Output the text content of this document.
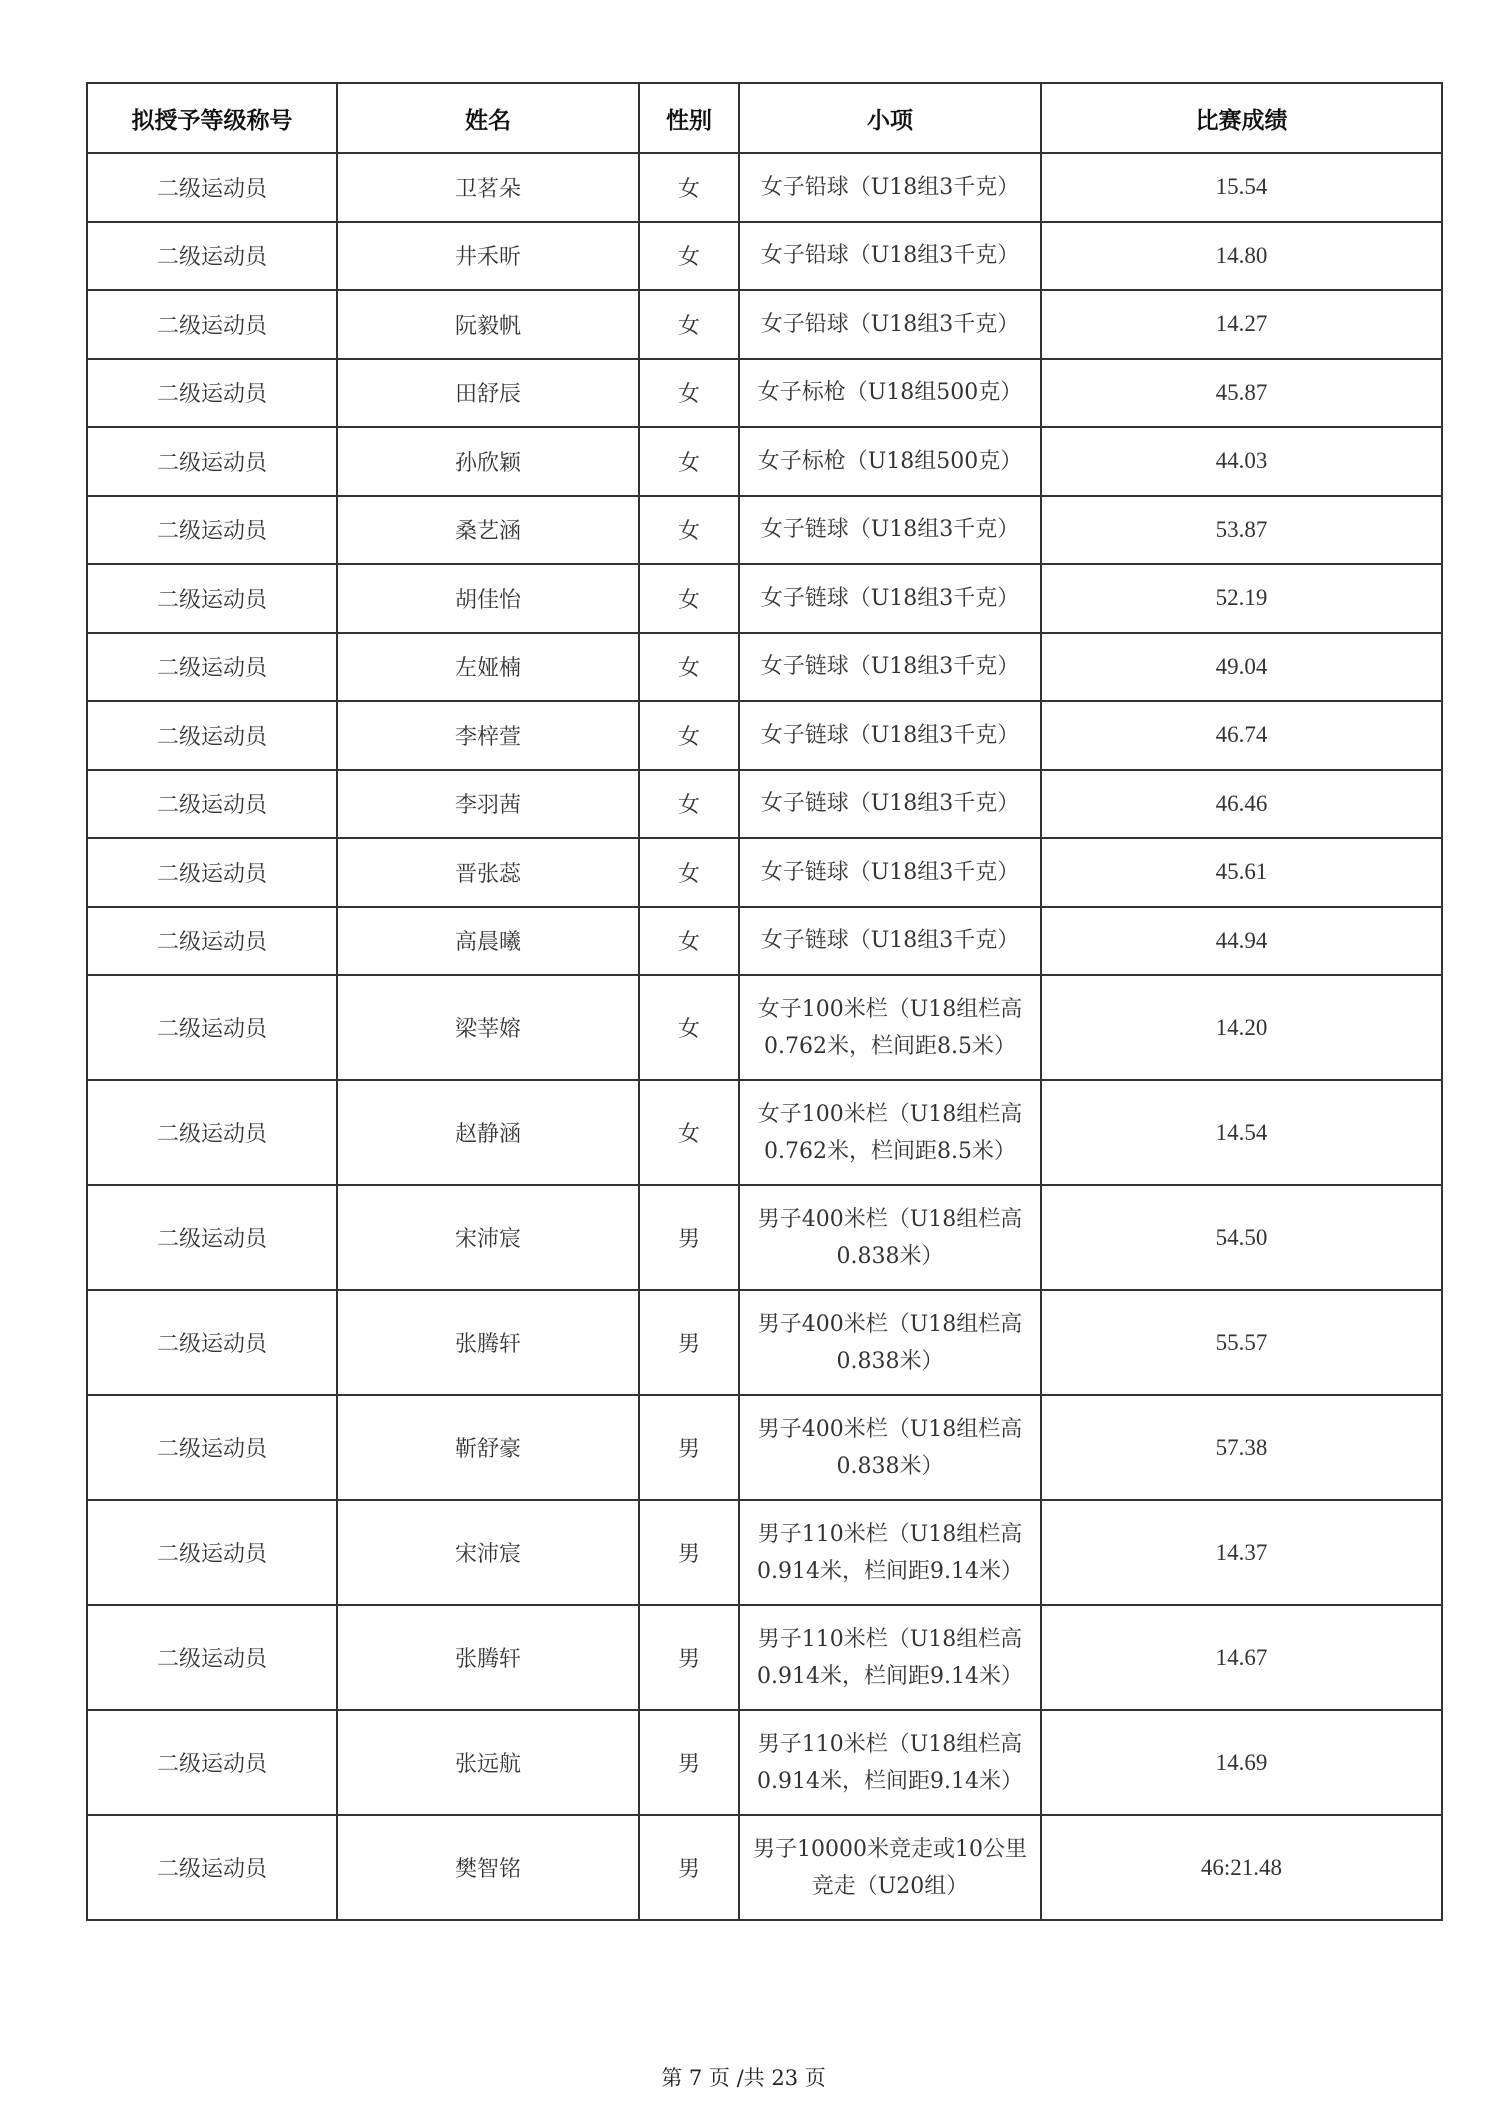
拟授予等级称号	姓名	性别	小项	比赛成绩
二级运动员	卫茗朵	女	女子铅球（U18组3千克）	15.54
二级运动员	井禾昕	女	女子铅球（U18组3千克）	14.80
二级运动员	阮毅帆	女	女子铅球（U18组3千克）	14.27
二级运动员	田舒辰	女	女子标枪（U18组500克）	45.87
二级运动员	孙欣颖	女	女子标枪（U18组500克）	44.03
二级运动员	桑艺涵	女	女子链球（U18组3千克）	53.87
二级运动员	胡佳怡	女	女子链球（U18组3千克）	52.19
二级运动员	左娅楠	女	女子链球（U18组3千克）	49.04
二级运动员	李梓萱	女	女子链球（U18组3千克）	46.74
二级运动员	李羽茜	女	女子链球（U18组3千克）	46.46
二级运动员	晋张蕊	女	女子链球（U18组3千克）	45.61
二级运动员	高晨曦	女	女子链球（U18组3千克）	44.94
二级运动员	梁莘嫆	女	女子100米栏（U18组栏高
0.762米，栏间距8.5米）	14.20
二级运动员	赵静涵	女	女子100米栏（U18组栏高
0.762米，栏间距8.5米）	14.54
二级运动员	宋沛宸	男	男子400米栏（U18组栏高
0.838米）	54.50
二级运动员	张腾轩	男	男子400米栏（U18组栏高
0.838米）	55.57
二级运动员	靳舒豪	男	男子400米栏（U18组栏高
0.838米）	57.38
二级运动员	宋沛宸	男	男子110米栏（U18组栏高
0.914米，栏间距9.14米）	14.37
二级运动员	张腾轩	男	男子110米栏（U18组栏高
0.914米，栏间距9.14米）	14.67
二级运动员	张远航	男	男子110米栏（U18组栏高
0.914米，栏间距9.14米）	14.69
二级运动员	樊智铭	男	男子10000米竞走或10公里
竞走（U20组）	46:21.48
第 7 页 /共 23 页
